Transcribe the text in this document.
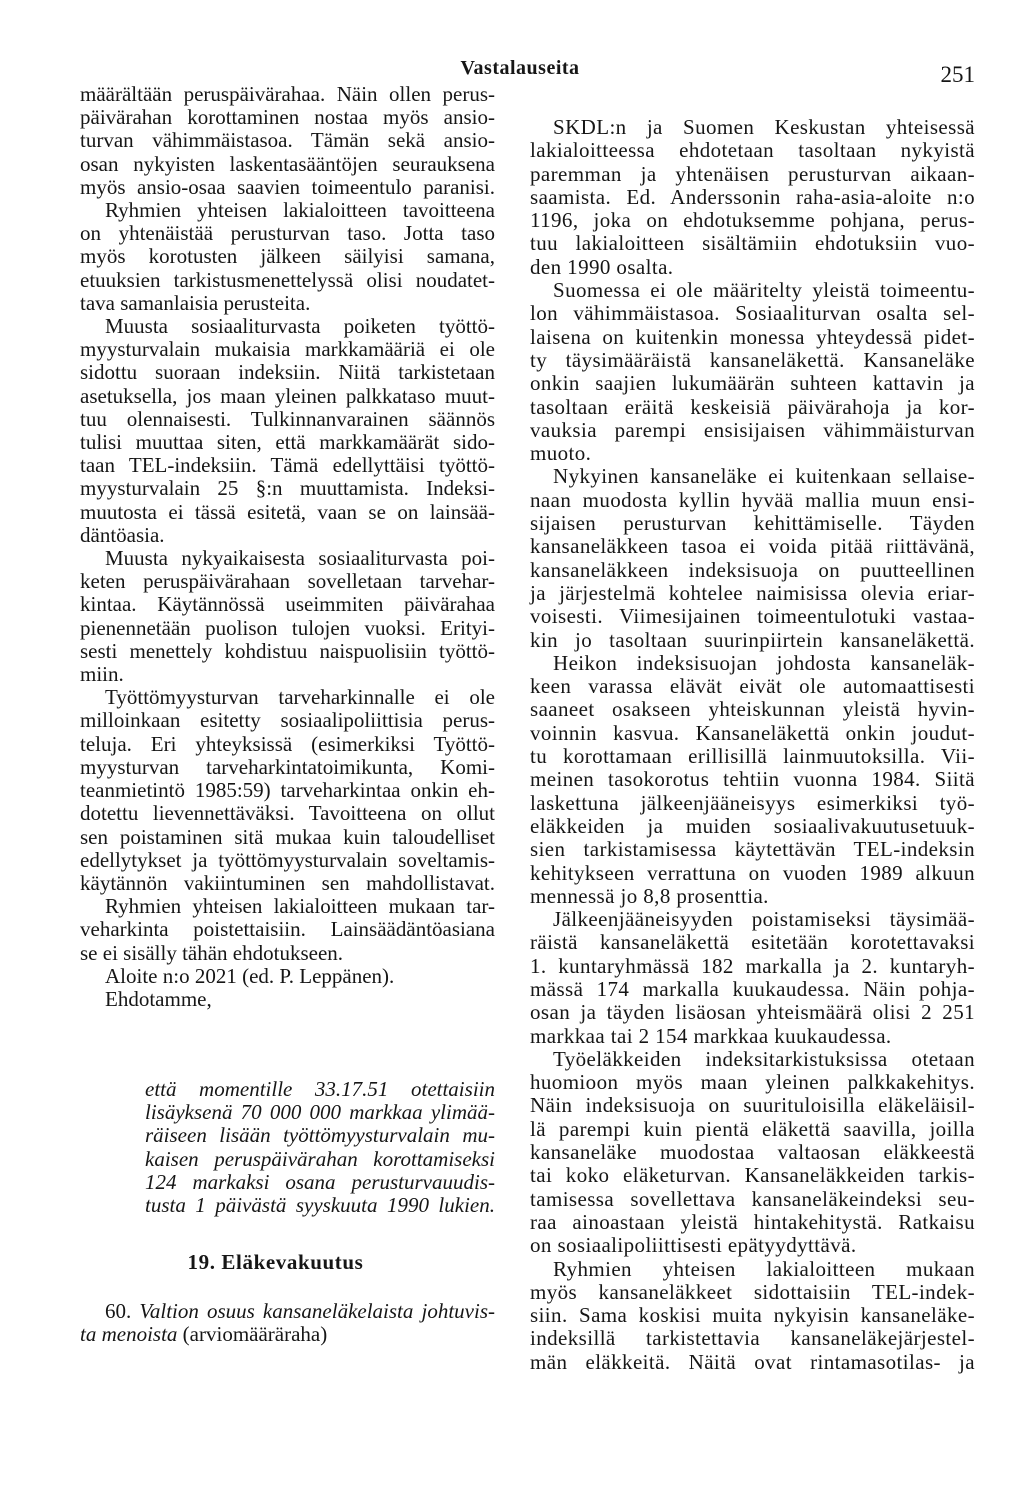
Vastalauseita	251
määrältään peruspäivärahaa. Näin ollen perus-
päivärahan korottaminen nostaa myös ansio-
turvan vähimmäistasoa. Tämän sekä ansio-
osan nykyisten laskentasääntöjen seurauksena
myös ansio-osaa saavien toimeentulo paranisi.
Ryhmien yhteisen lakialoitteen tavoitteena
on yhtenäistää perusturvan taso. Jotta taso
myös korotusten jälkeen säilyisi samana,
etuuksien tarkistusmenettelyssä olisi noudatet-
tava samanlaisia perusteita.
Muusta sosiaaliturvasta poiketen työttö-
myysturvalain mukaisia markkamääriä ei ole
sidottu suoraan indeksiin. Niitä tarkistetaan
asetuksella, jos maan yleinen palkkataso muut-
tuu olennaisesti. Tulkinnanvarainen säännös
tulisi muuttaa siten, että markkamäärät sido-
taan TEL-indeksiin. Tämä edellyttäisi työttö-
myysturvalain 25 §:n muuttamista. Indeksi-
muutosta ei tässä esitetä, vaan se on lainsää-
däntöasia.
Muusta nykyaikaisesta sosiaaliturvasta poi-
keten peruspäivärahaan sovelletaan tarvehar-
kintaa. Käytännössä useimmiten päivärahaa
pienennetään puolison tulojen vuoksi. Erityi-
sesti menettely kohdistuu naispuolisiin työttö-
miin.
Työttömyysturvan tarveharkinnalle ei ole
milloinkaan esitetty sosiaalipoliittisia perus-
teluja. Eri yhteyksissä (esimerkiksi Työttö-
myysturvan tarveharkintatoimikunta, Komi-
teanmietintö 1985:59) tarveharkintaa onkin eh-
dotettu lievennettäväksi. Tavoitteena on ollut
sen poistaminen sitä mukaa kuin taloudelliset
edellytykset ja työttömyysturvalain soveltamis-
käytännön vakiintuminen sen mahdollistavat.
Ryhmien yhteisen lakialoitteen mukaan tar-
veharkinta poistettaisiin. Lainsäädäntöasiana
se ei sisälly tähän ehdotukseen.
Aloite n:o 2021 (ed. P. Leppänen).
Ehdotamme,
että momentille 33.17.51 otettaisiin
lisäyksenä 70 000 000 markkaa ylimää-
räiseen lisään työttömyysturvalain mu-
kaisen peruspäivärahan korottamiseksi
124 markaksi osana perusturvauudis-
tusta 1 päivästä syyskuuta 1990 lukien.
19. Eläkevakuutus
60. Valtion osuus kansaneläkelaista johtuvis-
ta menoista (arviomääräraha)
SKDL:n ja Suomen Keskustan yhteisessä
lakialoitteessa ehdotetaan tasoltaan nykyistä
paremman ja yhtenäisen perusturvan aikaan-
saamista. Ed. Anderssonin raha-asia-aloite n:o
1196, joka on ehdotuksemme pohjana, perus-
tuu lakialoitteen sisältämiin ehdotuksiin vuo-
den 1990 osalta.
Suomessa ei ole määritelty yleistä toimeentu-
lon vähimmäistasoa. Sosiaaliturvan osalta sel-
laisena on kuitenkin monessa yhteydessä pidet-
ty täysimääräistä kansaneläkettä. Kansaneläke
onkin saajien lukumäärän suhteen kattavin ja
tasoltaan eräitä keskeisiä päivärahoja ja kor-
vauksia parempi ensisijaisen vähimmäisturvan
muoto.
Nykyinen kansaneläke ei kuitenkaan sellaise-
naan muodosta kyllin hyvää mallia muun ensi-
sijaisen perusturvan kehittämiselle. Täyden
kansaneläkkeen tasoa ei voida pitää riittävänä,
kansaneläkkeen indeksisuoja on puutteellinen
ja järjestelmä kohtelee naimisissa olevia eriar-
voisesti. Viimesijainen toimeentulotuki vastaa-
kin jo tasoltaan suurinpiirtein kansaneläkettä.
Heikon indeksisuojan johdosta kansaneläk-
keen varassa elävät eivät ole automaattisesti
saaneet osakseen yhteiskunnan yleistä hyvin-
voinnin kasvua. Kansaneläkettä onkin joudut-
tu korottamaan erillisillä lainmuutoksilla. Vii-
meinen tasokorotus tehtiin vuonna 1984. Siitä
laskettuna jälkeenjääneisyys esimerkiksi työ-
eläkkeiden ja muiden sosiaalivakuutusetuuk-
sien tarkistamisessa käytettävän TEL-indeksin
kehitykseen verrattuna on vuoden 1989 alkuun
mennessä jo 8,8 prosenttia.
Jälkeenjääneisyyden poistamiseksi täysimää-
räistä kansaneläkettä esitetään korotettavaksi
1. kuntaryhmässä 182 markalla ja 2. kuntaryh-
mässä 174 markalla kuukaudessa. Näin pohja-
osan ja täyden lisäosan yhteismäärä olisi 2 251
markkaa tai 2 154 markkaa kuukaudessa.
Työeläkkeiden indeksitarkistuksissa otetaan
huomioon myös maan yleinen palkkakehitys.
Näin indeksisuoja on suurituloisilla eläkeläisil-
lä parempi kuin pientä eläkettä saavilla, joilla
kansaneläke muodostaa valtaosan eläkkeestä
tai koko eläketurvan. Kansaneläkkeiden tarkis-
tamisessa sovellettava kansaneläkeindeksi seu-
raa ainoastaan yleistä hintakehitystä. Ratkaisu
on sosiaalipoliittisesti epätyydyttävä.
Ryhmien yhteisen lakialoitteen mukaan
myös kansaneläkkeet sidottaisiin TEL-indek-
siin. Sama koskisi muita nykyisin kansaneläke-
indeksillä tarkistettavia kansaneläkejärjestel-
män eläkkeitä. Näitä ovat rintamasotilas- ja
